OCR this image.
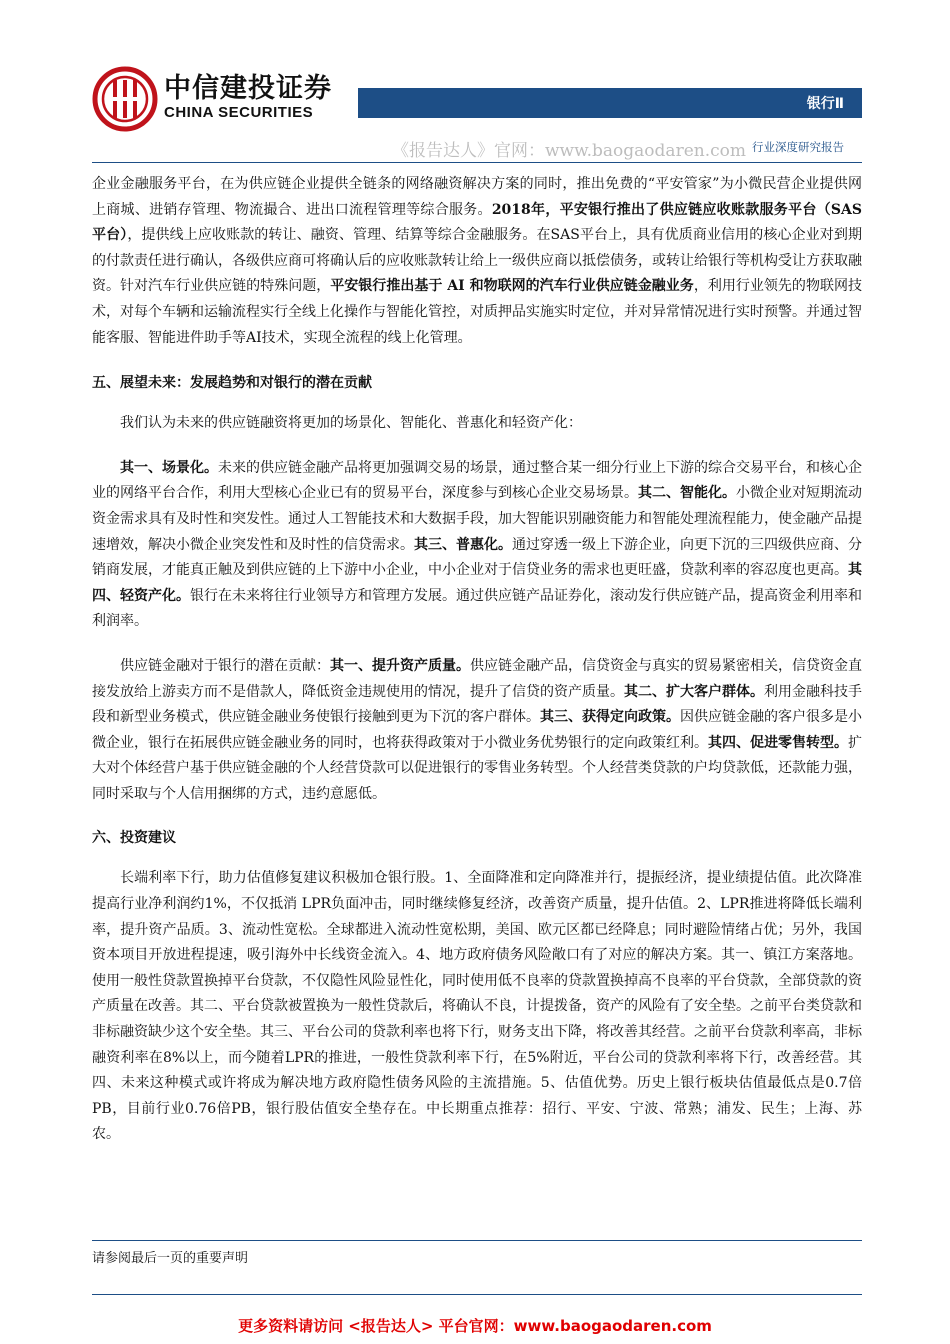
中信建投证券
CHINA SECURITIES	银行Ⅱ
《报告达人》官网：www.baogaodaren.com 行业深度研究报告

企业金融服务平台，在为供应链企业提供全链条的网络融资解决方案的同时，推出免费的“平安管家”为小微民营企业提供网上商城、进销存管理、物流撮合、进出口流程管理等综合服务。2018年，平安银行推出了供应链应收账款服务平台（SAS平台），提供线上应收账款的转让、融资、管理、结算等综合金融服务。在SAS平台上，具有优质商业信用的核心企业对到期的付款责任进行确认，各级供应商可将确认后的应收账款转让给上一级供应商以抵偿债务，或转让给银行等机构受让方获取融资。针对汽车行业供应链的特殊问题，平安银行推出基于 AI 和物联网的汽车行业供应链金融业务，利用行业领先的物联网技术，对每个车辆和运输流程实行全线上化操作与智能化管控，对质押品实施实时定位，并对异常情况进行实时预警。并通过智能客服、智能进件助手等AI技术，实现全流程的线上化管理。

五、展望未来：发展趋势和对银行的潜在贡献

我们认为未来的供应链融资将更加的场景化、智能化、普惠化和轻资产化：

其一、场景化。未来的供应链金融产品将更加强调交易的场景，通过整合某一细分行业上下游的综合交易平台，和核心企业的网络平台合作，利用大型核心企业已有的贸易平台，深度参与到核心企业交易场景。其二、智能化。小微企业对短期流动资金需求具有及时性和突发性。通过人工智能技术和大数据手段，加大智能识别融资能力和智能处理流程能力，使金融产品提速增效，解决小微企业突发性和及时性的信贷需求。其三、普惠化。通过穿透一级上下游企业，向更下沉的三四级供应商、分销商发展，才能真正触及到供应链的上下游中小企业，中小企业对于信贷业务的需求也更旺盛，贷款利率的容忍度也更高。其四、轻资产化。银行在未来将往行业领导方和管理方发展。通过供应链产品证券化，滚动发行供应链产品，提高资金利用率和利润率。

供应链金融对于银行的潜在贡献：其一、提升资产质量。供应链金融产品，信贷资金与真实的贸易紧密相关，信贷资金直接发放给上游卖方而不是借款人，降低资金违规使用的情况，提升了信贷的资产质量。其二、扩大客户群体。利用金融科技手段和新型业务模式，供应链金融业务使银行接触到更为下沉的客户群体。其三、获得定向政策。因供应链金融的客户很多是小微企业，银行在拓展供应链金融业务的同时，也将获得政策对于小微业务优势银行的定向政策红利。其四、促进零售转型。扩大对个体经营户基于供应链金融的个人经营贷款可以促进银行的零售业务转型。个人经营类贷款的户均贷款低，还款能力强，同时采取与个人信用捆绑的方式，违约意愿低。

六、投资建议

长端利率下行，助力估值修复建议积极加仓银行股。1、全面降准和定向降准并行，提振经济，提业绩提估值。此次降准提高行业净利润约1%，不仅抵消 LPR负面冲击，同时继续修复经济，改善资产质量，提升估值。2、LPR推进将降低长端利率，提升资产品质。3、流动性宽松。全球都进入流动性宽松期，美国、欧元区都已经降息；同时避险情绪占优；另外，我国资本项目开放进程提速，吸引海外中长线资金流入。4、地方政府债务风险敞口有了对应的解决方案。其一、镇江方案落地。使用一般性贷款置换掉平台贷款，不仅隐性风险显性化，同时使用低不良率的贷款置换掉高不良率的平台贷款，全部贷款的资产质量在改善。其二、平台贷款被置换为一般性贷款后，将确认不良，计提拨备，资产的风险有了安全垫。之前平台类贷款和非标融资缺少这个安全垫。其三、平台公司的贷款利率也将下行，财务支出下降，将改善其经营。之前平台贷款利率高，非标融资利率在8%以上，而今随着LPR的推进，一般性贷款利率下行，在5%附近，平台公司的贷款利率将下行，改善经营。其四、未来这种模式或许将成为解决地方政府隐性债务风险的主流措施。5、估值优势。历史上银行板块估值最低点是0.7倍PB，目前行业0.76倍PB，银行股估值安全垫存在。中长期重点推荐：招行、平安、宁波、常熟；浦发、民生；上海、苏农。

请参阅最后一页的重要声明
更多资料请访问 <报告达人> 平台官网：www.baogaodaren.com
